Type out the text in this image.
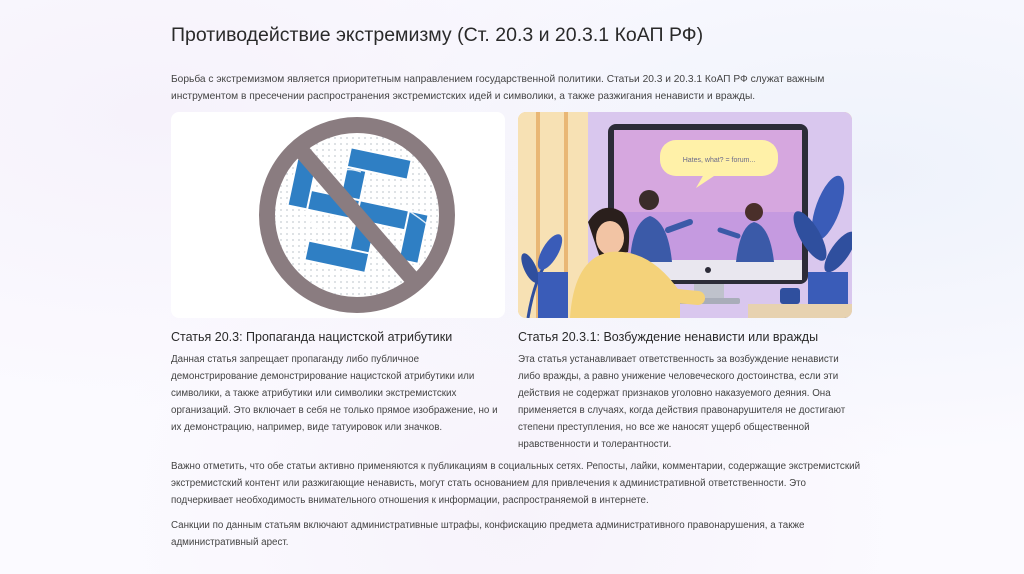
Противодействие экстремизму (Ст. 20.3 и 20.3.1 КоАП РФ)
Борьба с экстремизмом является приоритетным направлением государственной политики. Статьи 20.3 и 20.3.1 КоАП РФ служат важным инструментом в пресечении распространения экстремистских идей и символики, а также разжигания ненависти и вражды.
Hates, what? = forum...
Статья 20.3: Пропаганда нацистской атрибутики
Данная статья запрещает пропаганду либо публичное демонстрирование демонстрирование нацистской атрибутики или символики, а также атрибутики или символики экстремистских организаций. Это включает в себя не только прямое изображение, но и их демонстрацию, например, виде татуировок или значков.
Статья 20.3.1: Возбуждение ненависти или вражды
Эта статья устанавливает ответственность за возбуждение ненависти либо вражды, а равно унижение человеческого достоинства, если эти действия не содержат признаков уголовно наказуемого деяния. Она применяется в случаях, когда действия правонарушителя не достигают степени преступления, но все же наносят ущерб общественной нравственности и толерантности.
Важно отметить, что обе статьи активно применяются к публикациям в социальных сетях. Репосты, лайки, комментарии, содержащие экстремистский экстремистский контент или разжигающие ненависть, могут стать основанием для привлечения к административной ответственности. Это подчеркивает необходимость внимательного отношения к информации, распространяемой в интернете.
Санкции по данным статьям включают административные штрафы, конфискацию предмета административного правонарушения, а также административный арест.
